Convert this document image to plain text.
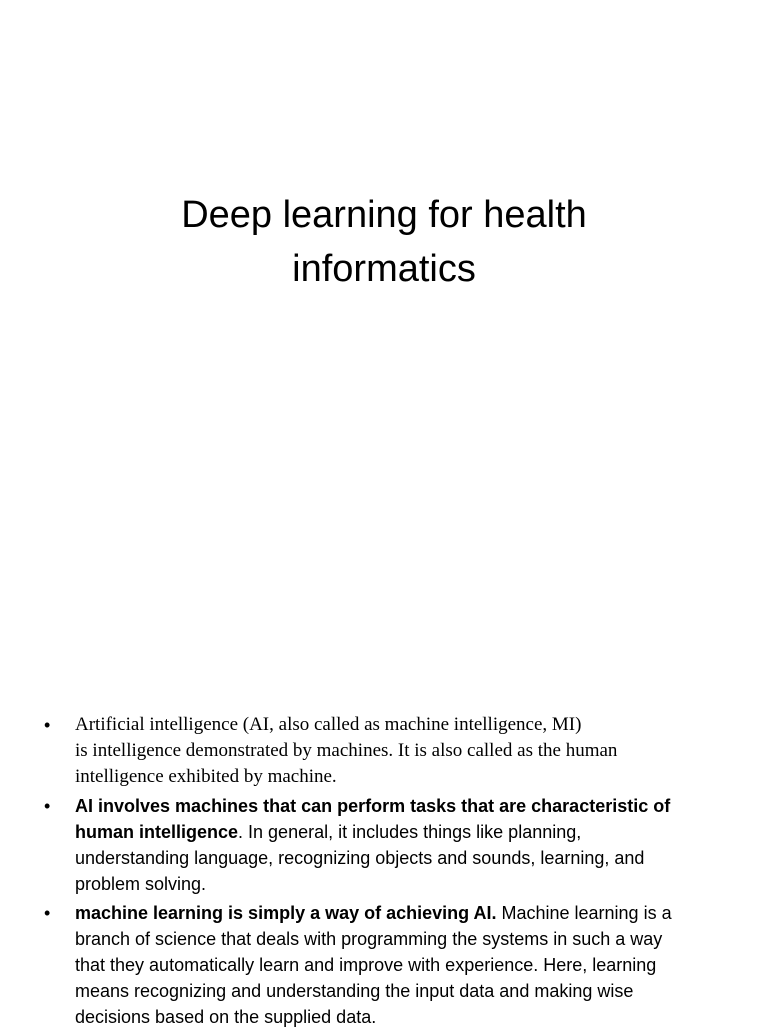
Deep learning for health
informatics
• Artificial intelligence (AI, also called as machine intelligence, MI)
is intelligence demonstrated by machines. It is also called as the human
intelligence exhibited by machine.
• AI involves machines that can perform tasks that are characteristic of
human intelligence. In general, it includes things like planning,
understanding language, recognizing objects and sounds, learning, and
problem solving.
• machine learning is simply a way of achieving AI. Machine learning is a
branch of science that deals with programming the systems in such a way
that they automatically learn and improve with experience. Here, learning
means recognizing and understanding the input data and making wise
decisions based on the supplied data.
